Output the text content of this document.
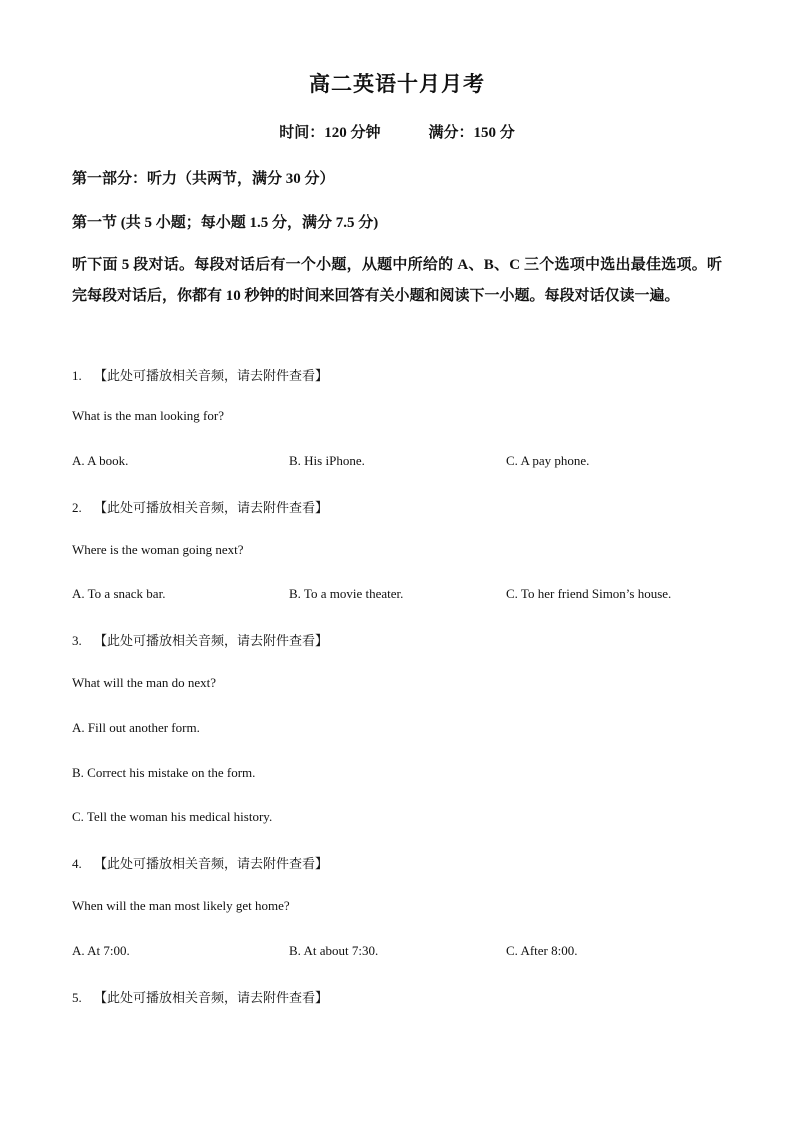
高二英语十月月考
时间：120 分钟	满分：150 分
第一部分：听力（共两节，满分 30 分）
第一节 (共 5 小题；每小题 1.5 分，满分 7.5 分)
听下面 5 段对话。每段对话后有一个小题，从题中所给的 A、B、C 三个选项中选出最佳选项。听完每段对话后，你都有 10 秒钟的时间来回答有关小题和阅读下一小题。每段对话仅读一遍。
1. 【此处可播放相关音频，请去附件查看】
What is the man looking for?
A. A book.	B. His iPhone.	C. A pay phone.
2. 【此处可播放相关音频，请去附件查看】
Where is the woman going next?
A. To a snack bar.	B. To a movie theater.	C. To her friend Simon’s house.
3. 【此处可播放相关音频，请去附件查看】
What will the man do next?
A. Fill out another form.
B. Correct his mistake on the form.
C. Tell the woman his medical history.
4. 【此处可播放相关音频，请去附件查看】
When will the man most likely get home?
A. At 7:00.	B. At about 7:30.	C. After 8:00.
5. 【此处可播放相关音频，请去附件查看】
